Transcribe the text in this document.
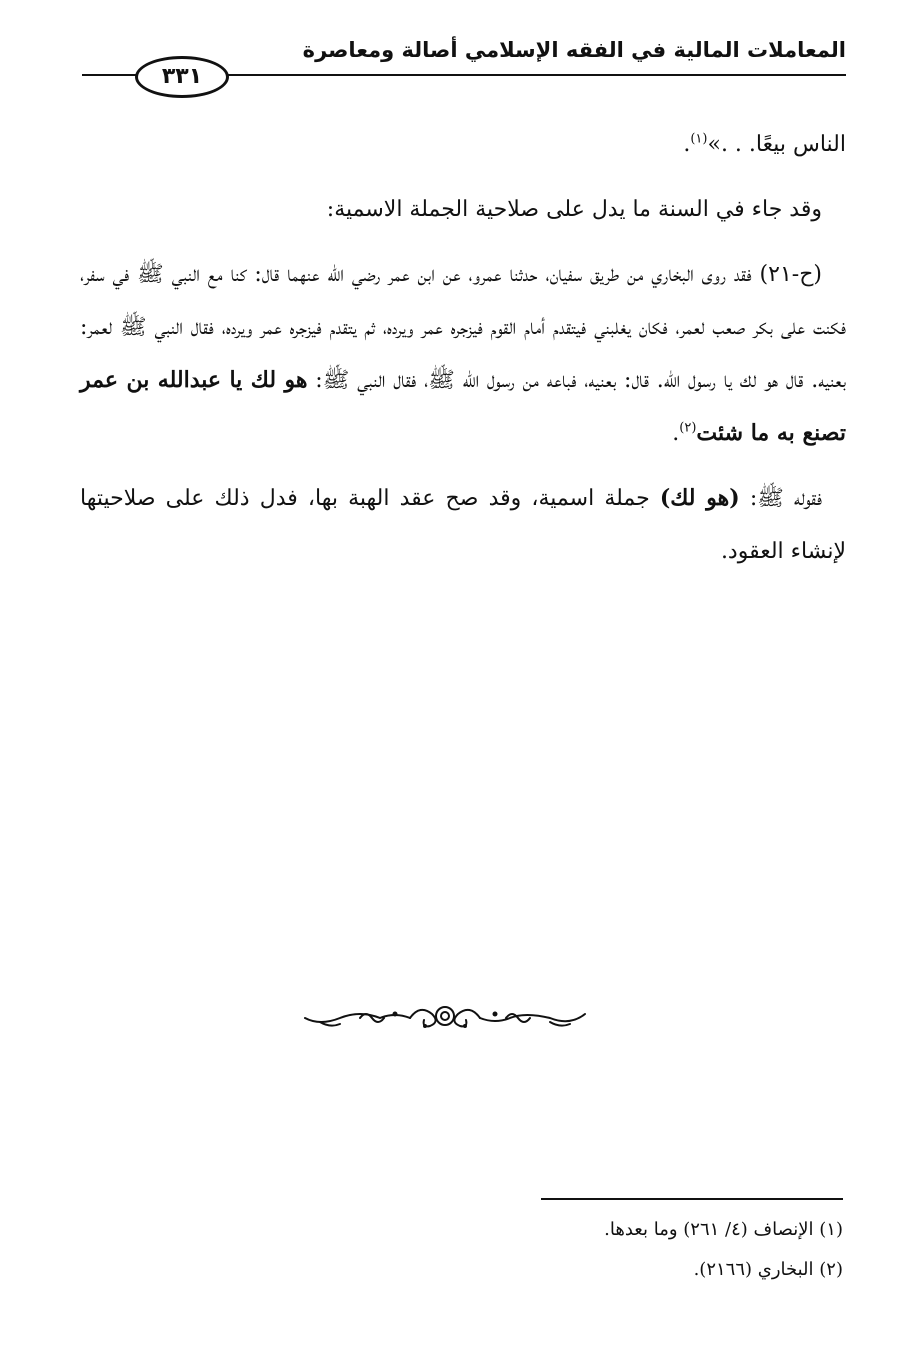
المعاملات المالية في الفقه الإسلامي أصالة ومعاصرة
٣٣١

الناس بيعًا. . .»$^{(١)}$.

وقد جاء في السنة ما يدل على صلاحية الجملة الاسمية:

(ح-٢١) فقد روى البخاري من طريق سفيان، حدثنا عمرو، عن ابن عمر رضي الله عنهما قال: كنا مع النبي ﷺ في سفر، فكنت على بكر صعب لعمر، فكان يغلبني فيتقدم أمام القوم فيزجره عمر ويرده، ثم يتقدم فيزجره عمر ويرده، فقال النبي ﷺ لعمر: بعنيه. قال هو لك يا رسول الله. قال: بعنيه، فباعه من رسول الله ﷺ، فقال النبي ﷺ: هو لك يا عبدالله بن عمر تصنع به ما شئت$^{(٢)}$.

فقوله ﷺ: (هو لك) جملة اسمية، وقد صح عقد الهبة بها، فدل ذلك على صلاحيتها لإنشاء العقود.

(١) الإنصاف (٤/ ٢٦١) وما بعدها.

(٢) البخاري (٢١٦٦).
